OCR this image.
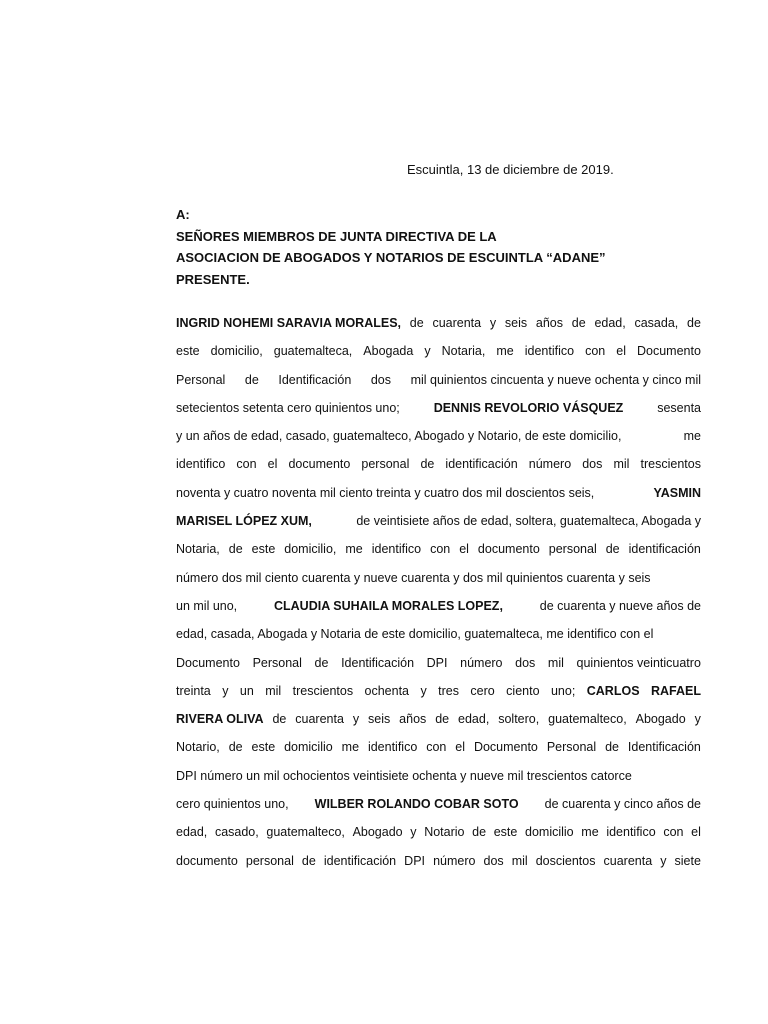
Escuintla, 13 de diciembre de 2019.
A:
SEÑORES MIEMBROS DE JUNTA DIRECTIVA DE LA
ASOCIACION DE ABOGADOS Y NOTARIOS DE ESCUINTLA “ADANE”
PRESENTE.
INGRID NOHEMI SARAVIA MORALES, de cuarenta y seis años de edad, casada, de
este domicilio, guatemalteca, Abogada y Notaria, me identifico con el Documento
Personal de Identificación dos mil quinientos cincuenta y nueve ochenta y cinco mil
setecientos setenta cero quinientos uno;	DENNIS REVOLORIO VÁSQUEZ	sesenta
y un años de edad, casado, guatemalteco, Abogado y Notario, de este domicilio,	me
identifico con el documento personal de identificación número dos mil trescientos
noventa y cuatro noventa mil ciento treinta y cuatro dos mil doscientos seis,	YASMIN
MARISEL LÓPEZ XUM,	de veintisiete años de edad, soltera, guatemalteca, Abogada y
Notaria, de este domicilio, me identifico con el documento personal de identificación
número dos mil ciento cuarenta y nueve cuarenta y dos mil quinientos cuarenta y seis
un mil uno,	CLAUDIA SUHAILA MORALES LOPEZ,	de cuarenta y nueve años de
edad, casada, Abogada y Notaria de este domicilio, guatemalteca, me identifico con el
Documento Personal de Identificación DPI número dos mil quinientos veinticuatro
treinta y un mil trescientos ochenta y tres cero ciento uno; CARLOS RAFAEL
RIVERA OLIVA de cuarenta y seis años de edad, soltero, guatemalteco, Abogado y
Notario, de este domicilio me identifico con el Documento Personal de Identificación
DPI número un mil ochocientos veintisiete ochenta y nueve mil trescientos catorce
cero quinientos uno, WILBER ROLANDO COBAR SOTO de cuarenta y cinco años de
edad, casado, guatemalteco, Abogado y Notario de este domicilio me identifico con el
documento personal de identificación DPI número dos mil doscientos cuarenta y siete
